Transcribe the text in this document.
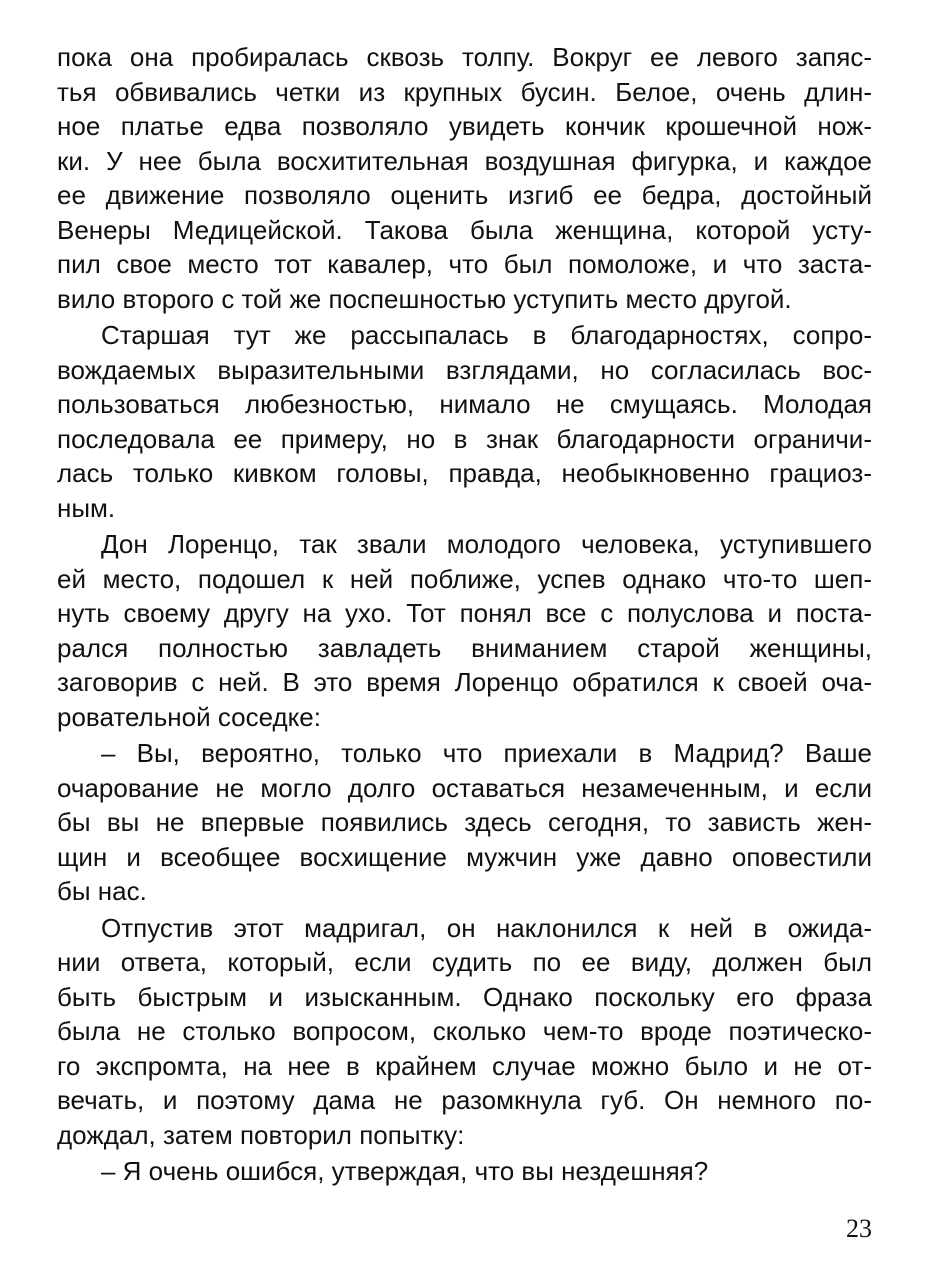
пока она пробиралась сквозь толпу. Вокруг ее левого запяс-
тья обвивались четки из крупных бусин. Белое, очень длин-
ное платье едва позволяло увидеть кончик крошечной нож-
ки. У нее была восхитительная воздушная фигурка, и каждое
ее движение позволяло оценить изгиб ее бедра, достойный
Венеры Медицейской. Такова была женщина, которой усту-
пил свое место тот кавалер, что был помоложе, и что заста-
вило второго с той же поспешностью уступить место другой.
Старшая тут же рассыпалась в благодарностях, сопро-
вождаемых выразительными взглядами, но согласилась вос-
пользоваться любезностью, нимало не смущаясь. Молодая
последовала ее примеру, но в знак благодарности ограничи-
лась только кивком головы, правда, необыкновенно грациоз-
ным.
Дон Лоренцо, так звали молодого человека, уступившего
ей место, подошел к ней поближе, успев однако что-то шеп-
нуть своему другу на ухо. Тот понял все с полуслова и поста-
рался полностью завладеть вниманием старой женщины,
заговорив с ней. В это время Лоренцо обратился к своей оча-
ровательной соседке:
– Вы, вероятно, только что приехали в Мадрид? Ваше
очарование не могло долго оставаться незамеченным, и если
бы вы не впервые появились здесь сегодня, то зависть жен-
щин и всеобщее восхищение мужчин уже давно оповестили
бы нас.
Отпустив этот мадригал, он наклонился к ней в ожида-
нии ответа, который, если судить по ее виду, должен был
быть быстрым и изысканным. Однако поскольку его фраза
была не столько вопросом, сколько чем-то вроде поэтическо-
го экспромта, на нее в крайнем случае можно было и не от-
вечать, и поэтому дама не разомкнула губ. Он немного по-
дождал, затем повторил попытку:
– Я очень ошибся, утверждая, что вы нездешняя?
23
